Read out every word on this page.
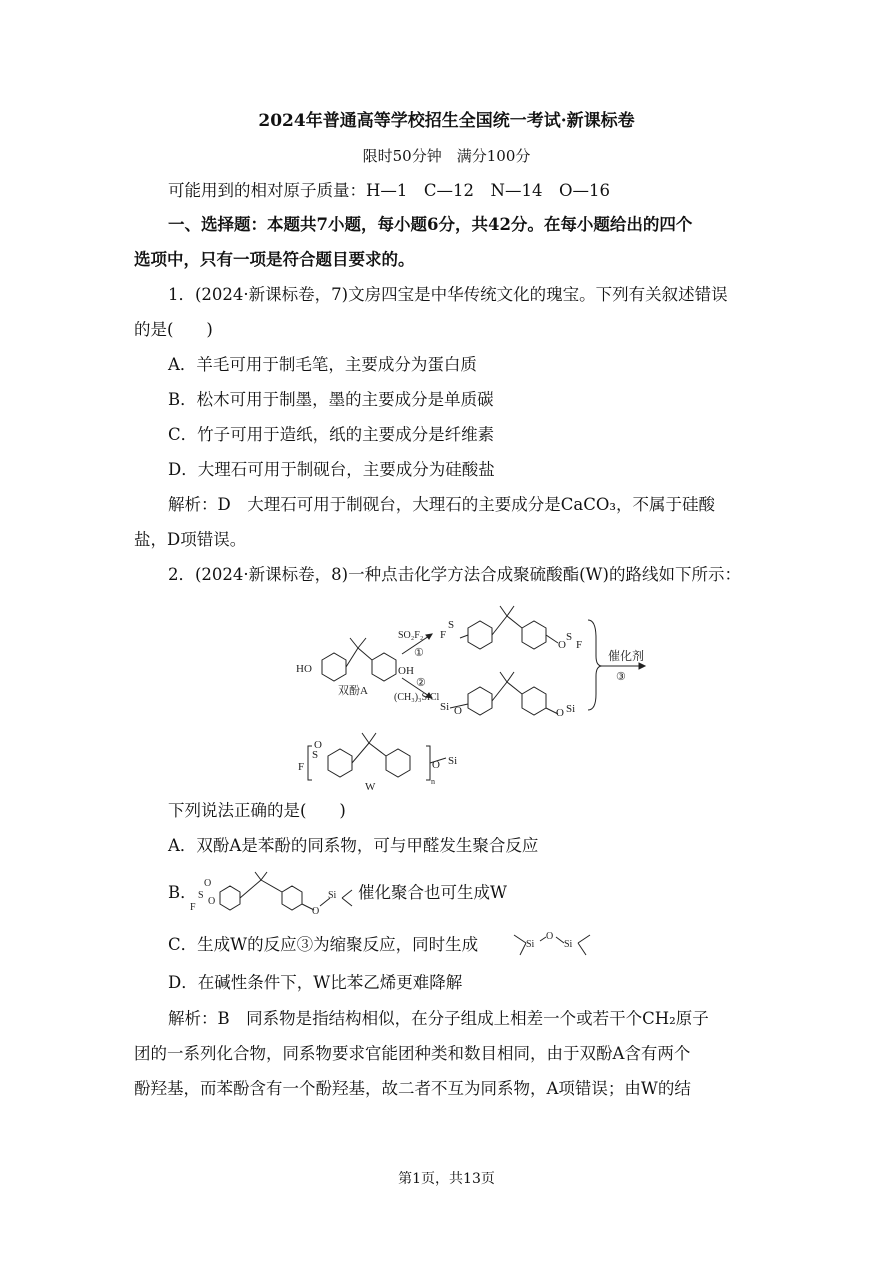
2024年普通高等学校招生全国统一考试·新课标卷
限时50分钟　满分100分
可能用到的相对原子质量：H—1　C—12　N—14　O—16
一、选择题：本题共7小题，每小题6分，共42分。在每小题给出的四个
选项中，只有一项是符合题目要求的。
1．(2024·新课标卷，7)文房四宝是中华传统文化的瑰宝。下列有关叙述错误
的是(　　)
A．羊毛可用于制毛笔，主要成分为蛋白质
B．松木可用于制墨，墨的主要成分是单质碳
C．竹子可用于造纸，纸的主要成分是纤维素
D．大理石可用于制砚台，主要成分为硅酸盐
解析：D　大理石可用于制砚台，大理石的主要成分是CaCO₃，不属于硅酸
盐，D项错误。
2．(2024·新课标卷，8)一种点击化学方法合成聚硫酸酯(W)的路线如下所示：
HO	OH
双酚A
SO₂F₂
①
②
(CH₃)₃SiCl
F
S
O
S
F
Si O	O Si
催化剂
③
F
S
O
O Si
n
W
下列说法正确的是(　　)
A．双酚A是苯酚的同系物，可与甲醛发生聚合反应
B．
F
S
O
O
O
Si 催化聚合也可生成W
C．生成W的反应③为缩聚反应，同时生成	Si
O
Si
D．在碱性条件下，W比苯乙烯更难降解
解析：B　同系物是指结构相似，在分子组成上相差一个或若干个CH₂原子
团的一系列化合物，同系物要求官能团种类和数目相同，由于双酚A含有两个
酚羟基，而苯酚含有一个酚羟基，故二者不互为同系物，A项错误；由W的结
第1页，共13页
